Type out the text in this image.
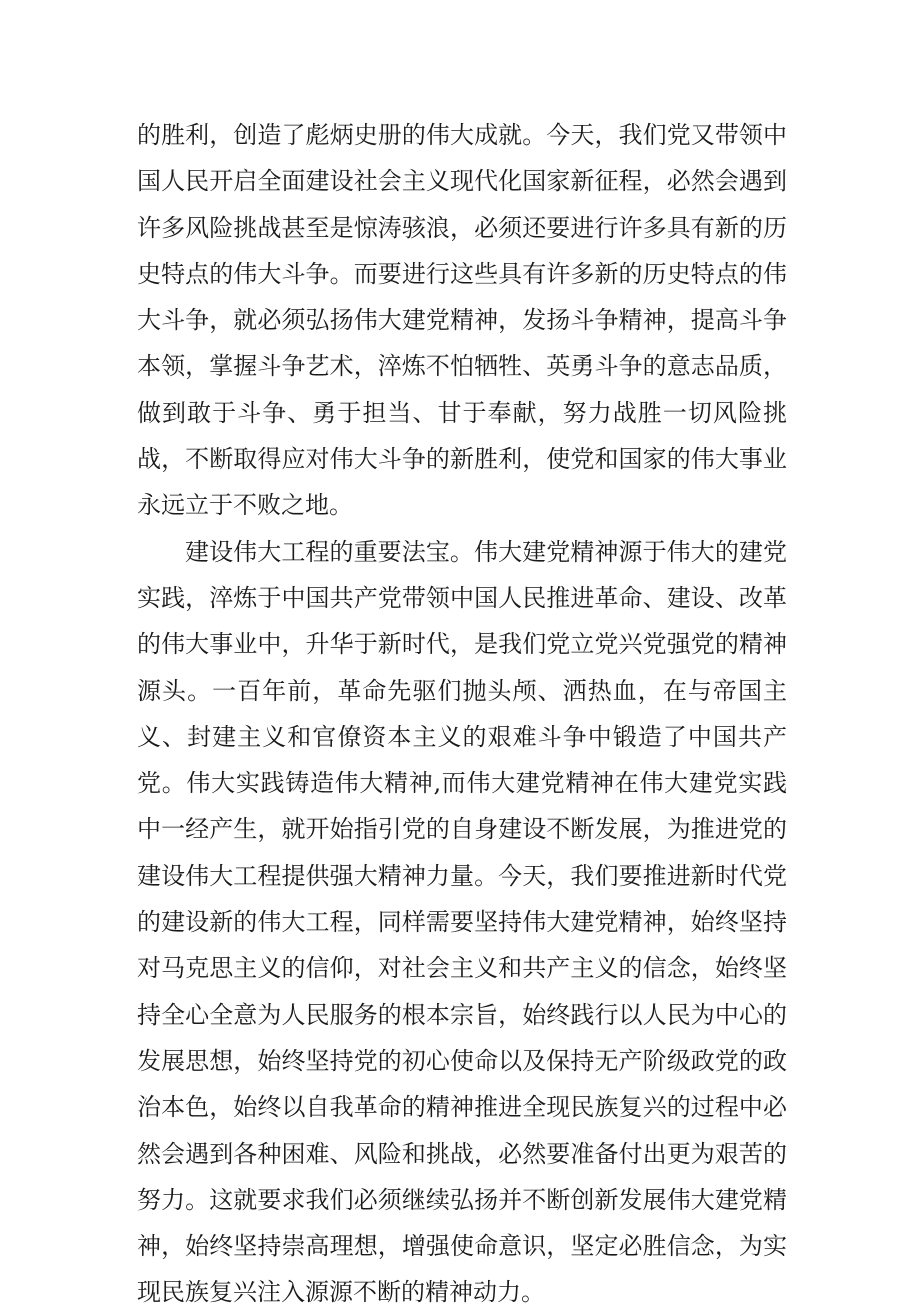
的胜利，创造了彪炳史册的伟大成就。今天，我们党又带领中国人民开启全面建设社会主义现代化国家新征程，必然会遇到许多风险挑战甚至是惊涛骇浪，必须还要进行许多具有新的历史特点的伟大斗争。而要进行这些具有许多新的历史特点的伟大斗争，就必须弘扬伟大建党精神，发扬斗争精神，提高斗争本领，掌握斗争艺术，淬炼不怕牺牲、英勇斗争的意志品质，做到敢于斗争、勇于担当、甘于奉献，努力战胜一切风险挑战，不断取得应对伟大斗争的新胜利，使党和国家的伟大事业永远立于不败之地。

建设伟大工程的重要法宝。伟大建党精神源于伟大的建党实践，淬炼于中国共产党带领中国人民推进革命、建设、改革的伟大事业中，升华于新时代，是我们党立党兴党强党的精神源头。一百年前，革命先驱们抛头颅、洒热血，在与帝国主义、封建主义和官僚资本主义的艰难斗争中锻造了中国共产党。伟大实践铸造伟大精神,而伟大建党精神在伟大建党实践中一经产生，就开始指引党的自身建设不断发展，为推进党的建设伟大工程提供强大精神力量。今天，我们要推进新时代党的建设新的伟大工程，同样需要坚持伟大建党精神，始终坚持对马克思主义的信仰，对社会主义和共产主义的信念，始终坚持全心全意为人民服务的根本宗旨，始终践行以人民为中心的发展思想，始终坚持党的初心使命以及保持无产阶级政党的政治本色，始终以自我革命的精神推进全现民族复兴的过程中必然会遇到各种困难、风险和挑战，必然要准备付出更为艰苦的努力。这就要求我们必须继续弘扬并不断创新发展伟大建党精神，始终坚持崇高理想，增强使命意识，坚定必胜信念，为实现民族复兴注入源源不断的精神动力。
